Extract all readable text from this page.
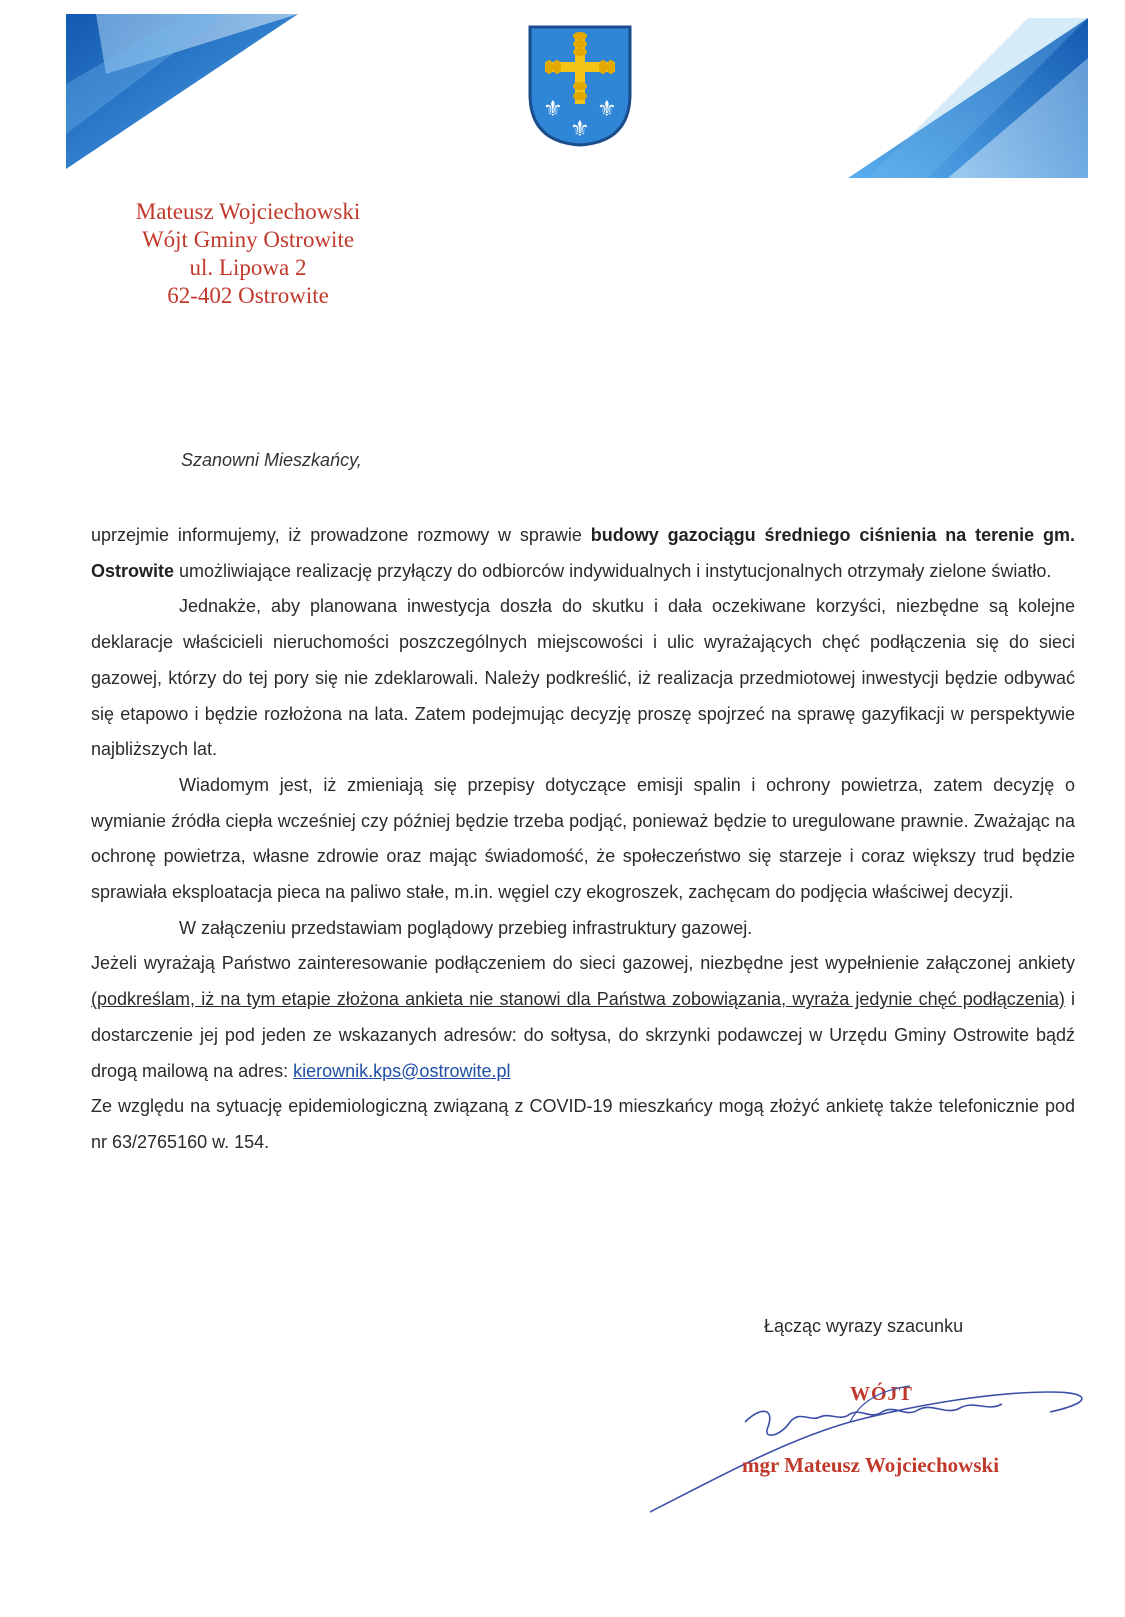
⚜ ⚜
⚜
Mateusz Wojciechowski
Wójt Gminy Ostrowite
ul. Lipowa 2
62-402 Ostrowite
Szanowni Mieszkańcy,

uprzejmie informujemy, iż prowadzone rozmowy w sprawie budowy gazociągu średniego ciśnienia na terenie gm. Ostrowite umożliwiające realizację przyłączy do odbiorców indywidualnych i instytucjonalnych otrzymały zielone światło.

Jednakże, aby planowana inwestycja doszła do skutku i dała oczekiwane korzyści, niezbędne są kolejne deklaracje właścicieli nieruchomości poszczególnych miejscowości i ulic wyrażających chęć podłączenia się do sieci gazowej, którzy do tej pory się nie zdeklarowali. Należy podkreślić, iż realizacja przedmiotowej inwestycji będzie odbywać się etapowo i będzie rozłożona na lata. Zatem podejmując decyzję proszę spojrzeć na sprawę gazyfikacji w perspektywie najbliższych lat.

Wiadomym jest, iż zmieniają się przepisy dotyczące emisji spalin i ochrony powietrza, zatem decyzję o wymianie źródła ciepła wcześniej czy później będzie trzeba podjąć, ponieważ będzie to uregulowane prawnie. Zważając na ochronę powietrza, własne zdrowie oraz mając świadomość, że społeczeństwo się starzeje i coraz większy trud będzie sprawiała eksploatacja pieca na paliwo stałe, m.in. węgiel czy ekogroszek, zachęcam do podjęcia właściwej decyzji.

W załączeniu przedstawiam poglądowy przebieg infrastruktury gazowej.

Jeżeli wyrażają Państwo zainteresowanie podłączeniem do sieci gazowej, niezbędne jest wypełnienie załączonej ankiety (podkreślam, iż na tym etapie złożona ankieta nie stanowi dla Państwa zobowiązania, wyraża jedynie chęć podłączenia) i dostarczenie jej pod jeden ze wskazanych adresów: do sołtysa, do skrzynki podawczej w Urzędu Gminy Ostrowite bądź drogą mailową na adres: kierownik.kps@ostrowite.pl

Ze względu na sytuację epidemiologiczną związaną z COVID-19 mieszkańcy mogą złożyć ankietę także telefonicznie pod nr 63/2765160 w. 154.

Łącząc wyrazy szacunku
WÓJT
mgr Mateusz Wojciechowski
